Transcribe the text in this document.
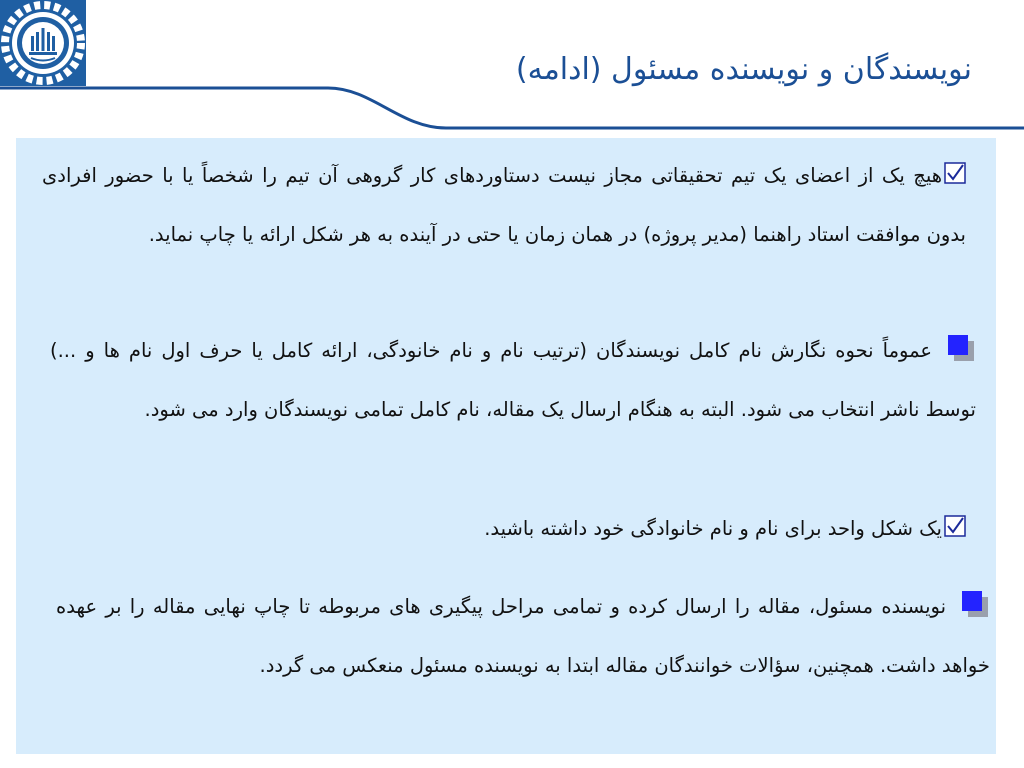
نویسندگان و نویسنده مسئول (ادامه)
هیچ یک از اعضای یک تیم تحقیقاتی مجاز نیست دستاوردهای کار گروهی آن تیم را شخصاً یا با حضور افرادی بدون موافقت استاد راهنما (مدیر پروژه) در همان زمان یا حتی در آینده به هر شکل ارائه یا چاپ نماید.
عموماً نحوه نگارش نام کامل نویسندگان (ترتیب نام و نام خانودگی، ارائه کامل یا حرف اول نام ها و ...) توسط ناشر انتخاب می شود. البته به هنگام ارسال یک مقاله، نام کامل تمامی نویسندگان وارد می شود.
یک شکل واحد برای نام و نام خانوادگی خود داشته باشید.
نویسنده مسئول، مقاله را ارسال کرده و تمامی مراحل پیگیری های مربوطه تا چاپ نهایی مقاله را بر عهده خواهد داشت. همچنین، سؤالات خوانندگان مقاله ابتدا به نویسنده مسئول منعکس می گردد.
